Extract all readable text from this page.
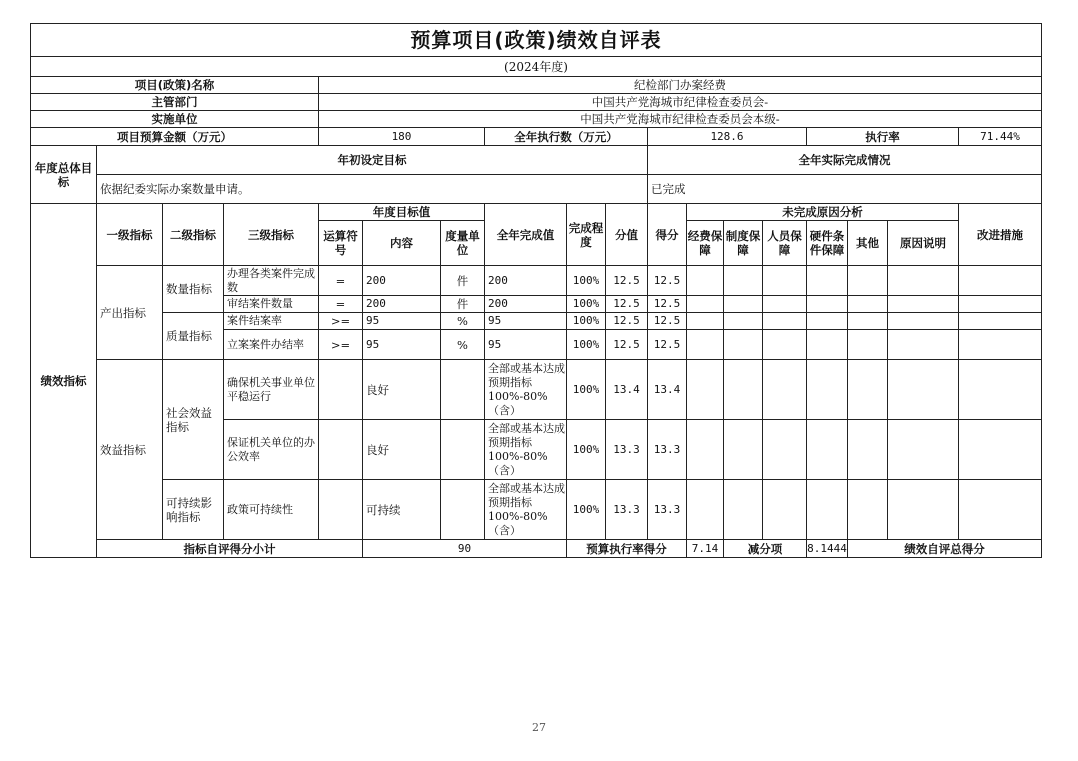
预算项目(政策)绩效自评表																		
(2024年度)																		
项目(政策)名称				纪检部门办案经费														
主管部门				中国共产党海城市纪律检查委员会-														
实施单位				中国共产党海城市纪律检查委员会本级-														
项目预算金额（万元）				180			全年执行数（万元）			128.6				执行率			71.44%	
年度总体目标	年初设定目标									全年实际完成情况								
	依据纪委实际办案数量申请。									已完成								
绩效指标	一级指标	二级指标	三级指标	年度目标值			全年完成值	完成程度	分值	得分	未完成原因分析						改进措施	
				运算符号	内容	度量单位					经费保障	制度保障	人员保障	硬件条件保障	其他	原因说明		
	产出指标	数量指标	办理各类案件完成数	=	200	件	200	100%	12.5	12.5								
			审结案件数量	=	200	件	200	100%	12.5	12.5								
		质量指标	案件结案率	>=	95	%	95	100%	12.5	12.5								
			立案案件办结率	>=	95	%	95	100%	12.5	12.5								
	效益指标	社会效益指标	确保机关事业单位平稳运行		良好		全部或基本达成预期指标100%-80%（含）	100%	13.4	13.4								
			保证机关单位的办公效率		良好		全部或基本达成预期指标100%-80%（含）	100%	13.3	13.3								
		可持续影响指标	政策可持续性		可持续		全部或基本达成预期指标100%-80%（含）	100%	13.3	13.3								
	指标自评得分小计				90			预算执行率得分			7.14	减分项		8.1444	绩效自评总得分	
27
